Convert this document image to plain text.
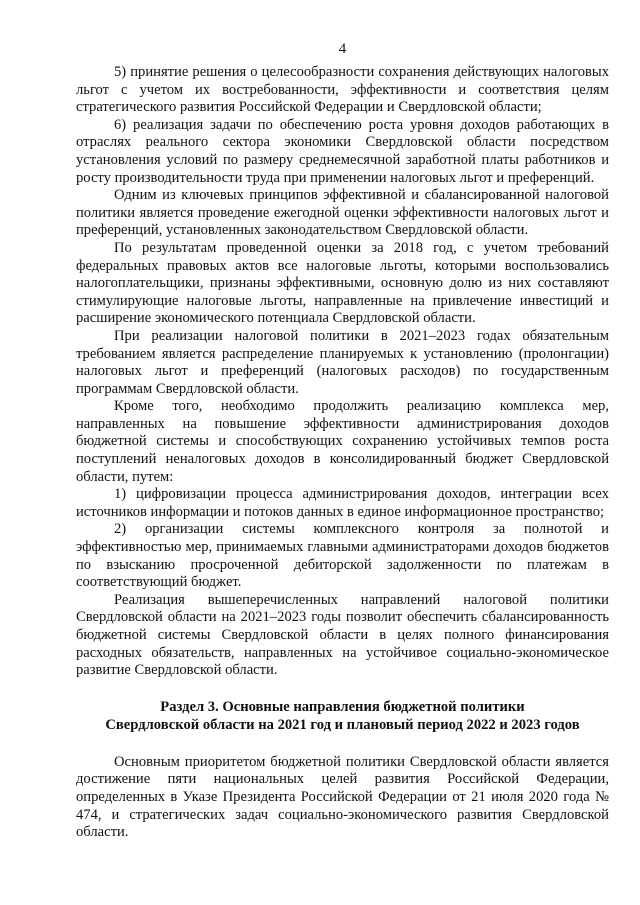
4

5) принятие решения о целесообразности сохранения действующих налоговых льгот с учетом их востребованности, эффективности и соответствия целям стратегического развития Российской Федерации и Свердловской области;

6) реализация задачи по обеспечению роста уровня доходов работающих в отраслях реального сектора экономики Свердловской области посредством установления условий по размеру среднемесячной заработной платы работников и росту производительности труда при применении налоговых льгот и преференций.

Одним из ключевых принципов эффективной и сбалансированной налоговой политики является проведение ежегодной оценки эффективности налоговых льгот и преференций, установленных законодательством Свердловской области.

По результатам проведенной оценки за 2018 год, с учетом требований федеральных правовых актов все налоговые льготы, которыми воспользовались налогоплательщики, признаны эффективными, основную долю из них составляют стимулирующие налоговые льготы, направленные на привлечение инвестиций и расширение экономического потенциала Свердловской области.

При реализации налоговой политики в 2021–2023 годах обязательным требованием является распределение планируемых к установлению (пролонгации) налоговых льгот и преференций (налоговых расходов) по государственным программам Свердловской области.

Кроме того, необходимо продолжить реализацию комплекса мер, направленных на повышение эффективности администрирования доходов бюджетной системы и способствующих сохранению устойчивых темпов роста поступлений неналоговых доходов в консолидированный бюджет Свердловской области, путем:

1) цифровизации процесса администрирования доходов, интеграции всех источников информации и потоков данных в единое информационное пространство;

2) организации системы комплексного контроля за полнотой и эффективностью мер, принимаемых главными администраторами доходов бюджетов по взысканию просроченной дебиторской задолженности по платежам в соответствующий бюджет.

Реализация вышеперечисленных направлений налоговой политики Свердловской области на 2021–2023 годы позволит обеспечить сбалансированность бюджетной системы Свердловской области в целях полного финансирования расходных обязательств, направленных на устойчивое социально-экономическое развитие Свердловской области.

Раздел 3. Основные направления бюджетной политики
Свердловской области на 2021 год и плановый период 2022 и 2023 годов

Основным приоритетом бюджетной политики Свердловской области является достижение пяти национальных целей развития Российской Федерации, определенных в Указе Президента Российской Федерации от 21 июля 2020 года № 474, и стратегических задач социально-экономического развития Свердловской области.
